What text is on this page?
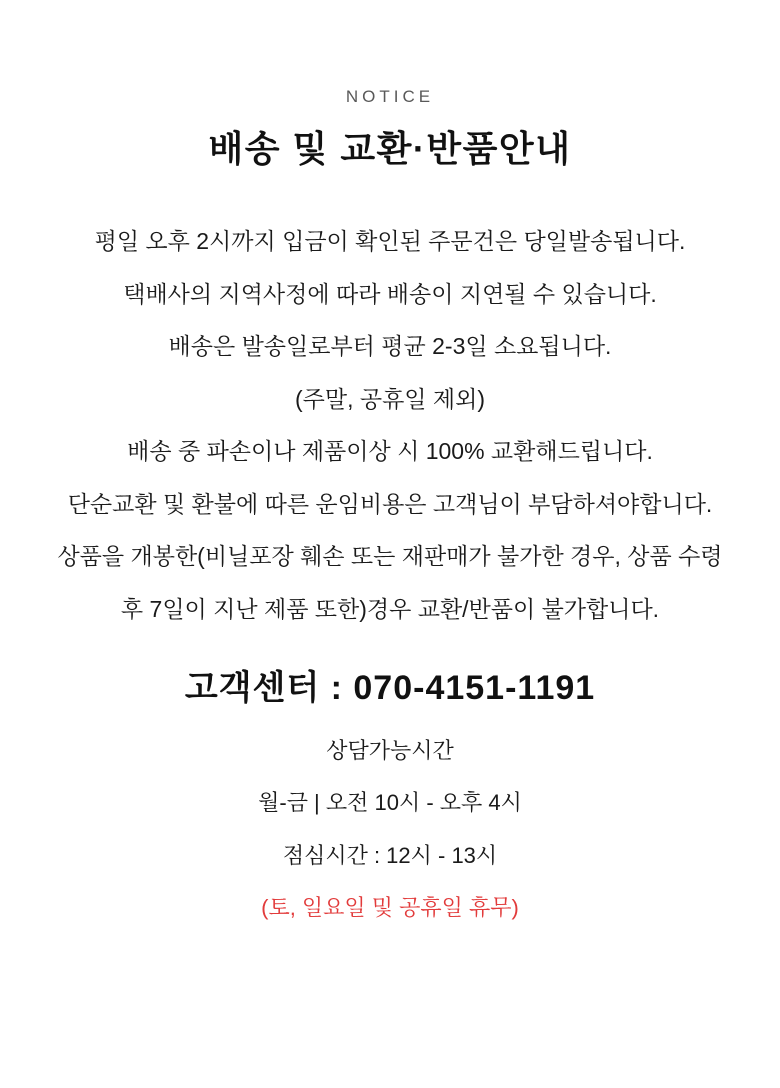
NOTICE

배송 및 교환·반품안내

평일 오후 2시까지 입금이 확인된 주문건은 당일발송됩니다.

택배사의 지역사정에 따라 배송이 지연될 수 있습니다.

배송은 발송일로부터 평균 2-3일 소요됩니다.

(주말, 공휴일 제외)

배송 중 파손이나 제품이상 시 100% 교환해드립니다.

단순교환 및 환불에 따른 운임비용은 고객님이 부담하셔야합니다.

상품을 개봉한(비닐포장 훼손 또는 재판매가 불가한 경우, 상품 수령

후 7일이 지난 제품 또한)경우 교환/반품이 불가합니다.

고객센터 : 070-4151-1191

상담가능시간

월-금 | 오전 10시 - 오후 4시

점심시간 : 12시 - 13시

(토, 일요일 및 공휴일 휴무)
